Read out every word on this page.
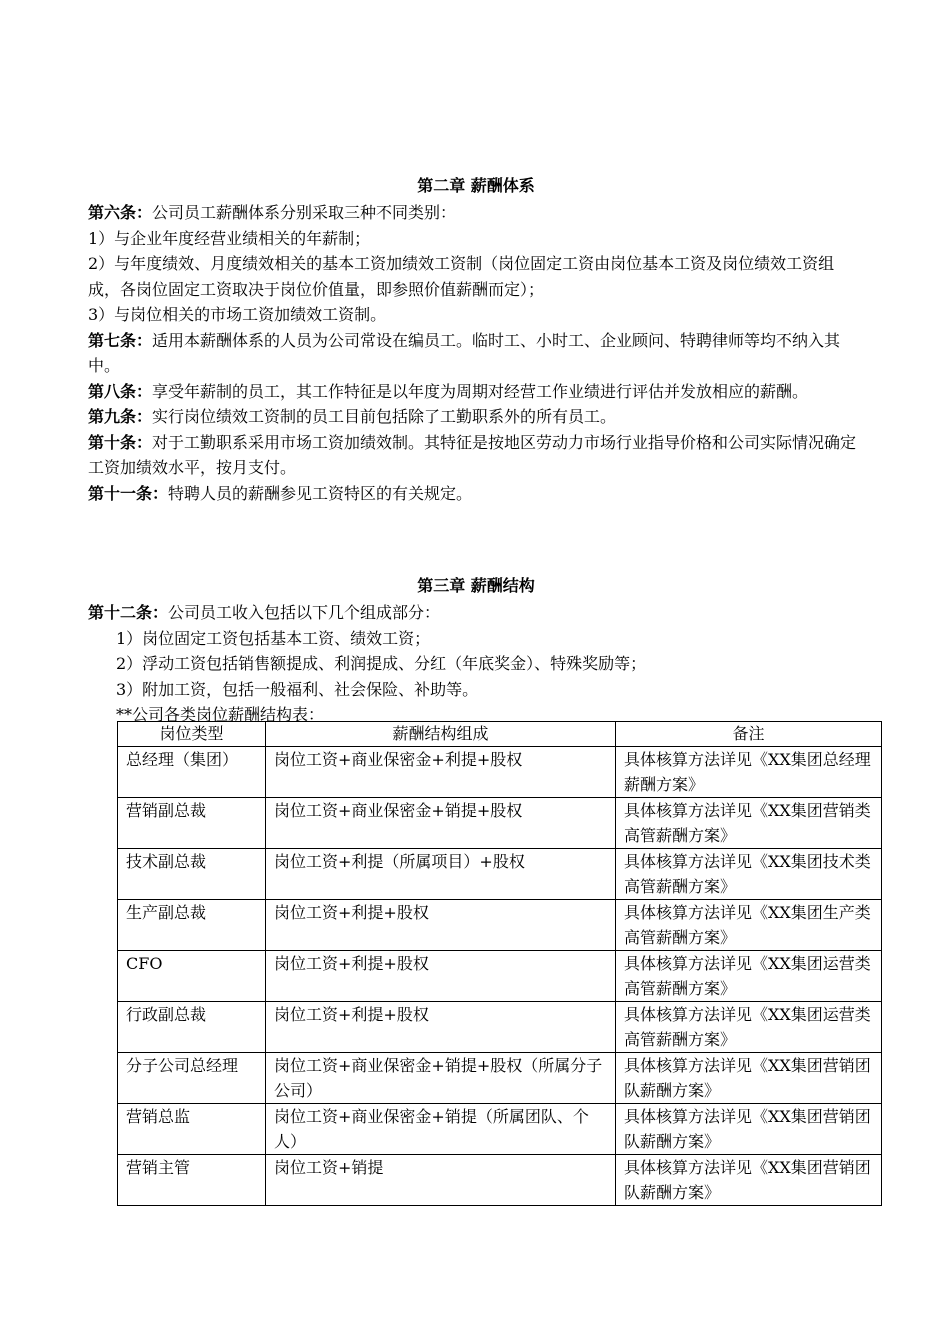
第二章 薪酬体系

第六条：公司员工薪酬体系分别采取三种不同类别：

1）与企业年度经营业绩相关的年薪制；

2）与年度绩效、月度绩效相关的基本工资加绩效工资制（岗位固定工资由岗位基本工资及岗位绩效工资组成，各岗位固定工资取决于岗位价值量，即参照价值薪酬而定）；

3）与岗位相关的市场工资加绩效工资制。

第七条：适用本薪酬体系的人员为公司常设在编员工。临时工、小时工、企业顾问、特聘律师等均不纳入其中。

第八条：享受年薪制的员工，其工作特征是以年度为周期对经营工作业绩进行评估并发放相应的薪酬。

第九条：实行岗位绩效工资制的员工目前包括除了工勤职系外的所有员工。

第十条：对于工勤职系采用市场工资加绩效制。其特征是按地区劳动力市场行业指导价格和公司实际情况确定工资加绩效水平，按月支付。

第十一条：特聘人员的薪酬参见工资特区的有关规定。

第三章 薪酬结构

第十二条：公司员工收入包括以下几个组成部分：

1）岗位固定工资包括基本工资、绩效工资；

2）浮动工资包括销售额提成、利润提成、分红（年底奖金）、特殊奖励等；

3）附加工资，包括一般福利、社会保险、补助等。

**公司各类岗位薪酬结构表：

岗位类型	薪酬结构组成	备注
总经理（集团）	岗位工资+商业保密金+利提+股权	具体核算方法详见《XX集团总经理薪酬方案》
营销副总裁	岗位工资+商业保密金+销提+股权	具体核算方法详见《XX集团营销类高管薪酬方案》
技术副总裁	岗位工资+利提（所属项目）+股权	具体核算方法详见《XX集团技术类高管薪酬方案》
生产副总裁	岗位工资+利提+股权	具体核算方法详见《XX集团生产类高管薪酬方案》
CFO	岗位工资+利提+股权	具体核算方法详见《XX集团运营类高管薪酬方案》
行政副总裁	岗位工资+利提+股权	具体核算方法详见《XX集团运营类高管薪酬方案》
分子公司总经理	岗位工资+商业保密金+销提+股权（所属分子公司）	具体核算方法详见《XX集团营销团队薪酬方案》
营销总监	岗位工资+商业保密金+销提（所属团队、个人）	具体核算方法详见《XX集团营销团队薪酬方案》
营销主管	岗位工资+销提	具体核算方法详见《XX集团营销团队薪酬方案》
